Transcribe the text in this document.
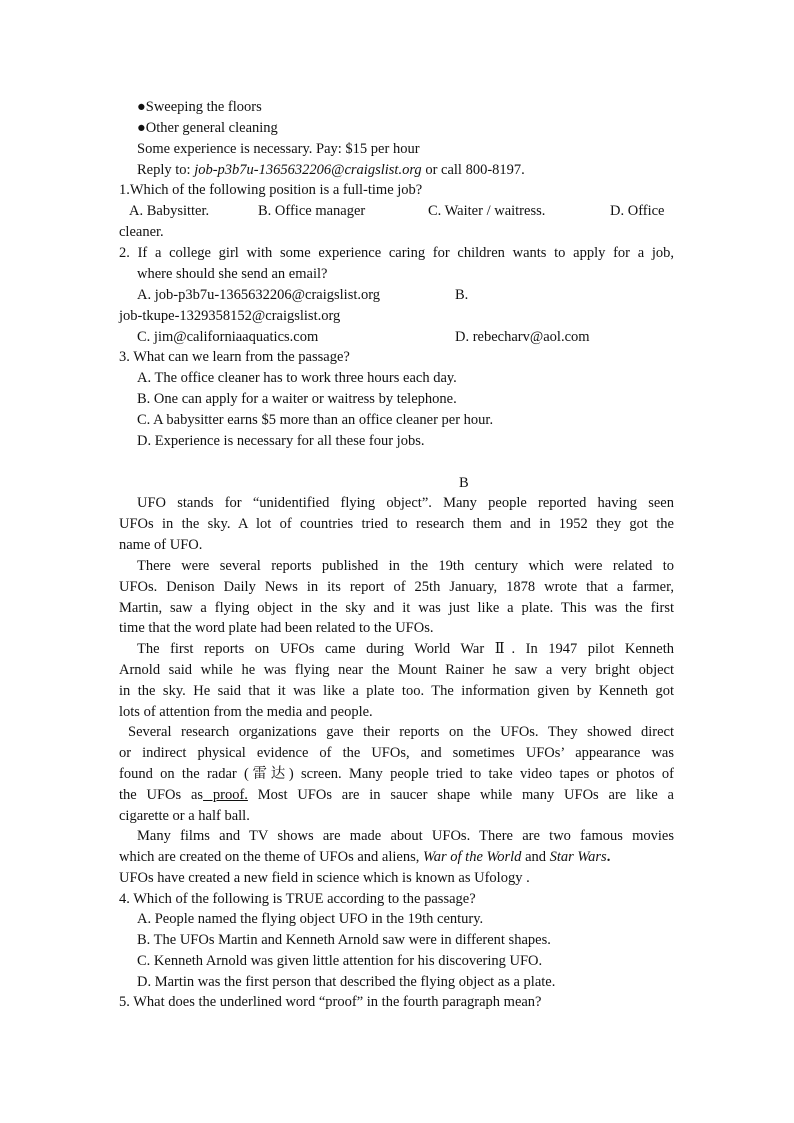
●Sweeping the floors
●Other general cleaning
Some experience is necessary. Pay: $15 per hour
Reply to: job-p3b7u-1365632206@craigslist.org or call 800-8197.
1.Which of the following position is a full-time job?
A. Babysitter.	B. Office manager	C. Waiter / waitress.	D. Office
cleaner.
2. If a college girl with some experience caring for children wants to apply for a job,
where should she send an email?
A. job-p3b7u-1365632206@craigslist.org	B.
job-tkupe-1329358152@craigslist.org
C. jim@californiaaquatics.com	D. rebecharv@aol.com
3. What can we learn from the passage?
A. The office cleaner has to work three hours each day.
B. One can apply for a waiter or waitress by telephone.
C. A babysitter earns $5 more than an office cleaner per hour.
D. Experience is necessary for all these four jobs.
B
UFO stands for “unidentified flying object”. Many people reported having seen
UFOs in the sky. A lot of countries tried to research them and in 1952 they got the
name of UFO.
There were several reports published in the 19th century which were related to
UFOs. Denison Daily News in its report of 25th January, 1878 wrote that a farmer,
Martin, saw a flying object in the sky and it was just like a plate. This was the first
time that the word plate had been related to the UFOs.
The first reports on UFOs came during World War Ⅱ. In 1947 pilot Kenneth
Arnold said while he was flying near the Mount Rainer he saw a very bright object
in the sky. He said that it was like a plate too. The information given by Kenneth got
lots of attention from the media and people.
Several research organizations gave their reports on the UFOs. They showed direct
or indirect physical evidence of the UFOs, and sometimes UFOs’ appearance was
found on the radar (雷达) screen. Many people tried to take video tapes or photos of
the UFOs as proof. Most UFOs are in saucer shape while many UFOs are like a
cigarette or a half ball.
Many films and TV shows are made about UFOs. There are two famous movies
which are created on the theme of UFOs and aliens, War of the World and Star Wars.
UFOs have created a new field in science which is known as Ufology .
4. Which of the following is TRUE according to the passage?
A. People named the flying object UFO in the 19th century.
B. The UFOs Martin and Kenneth Arnold saw were in different shapes.
C. Kenneth Arnold was given little attention for his discovering UFO.
D. Martin was the first person that described the flying object as a plate.
5. What does the underlined word “proof” in the fourth paragraph mean?
